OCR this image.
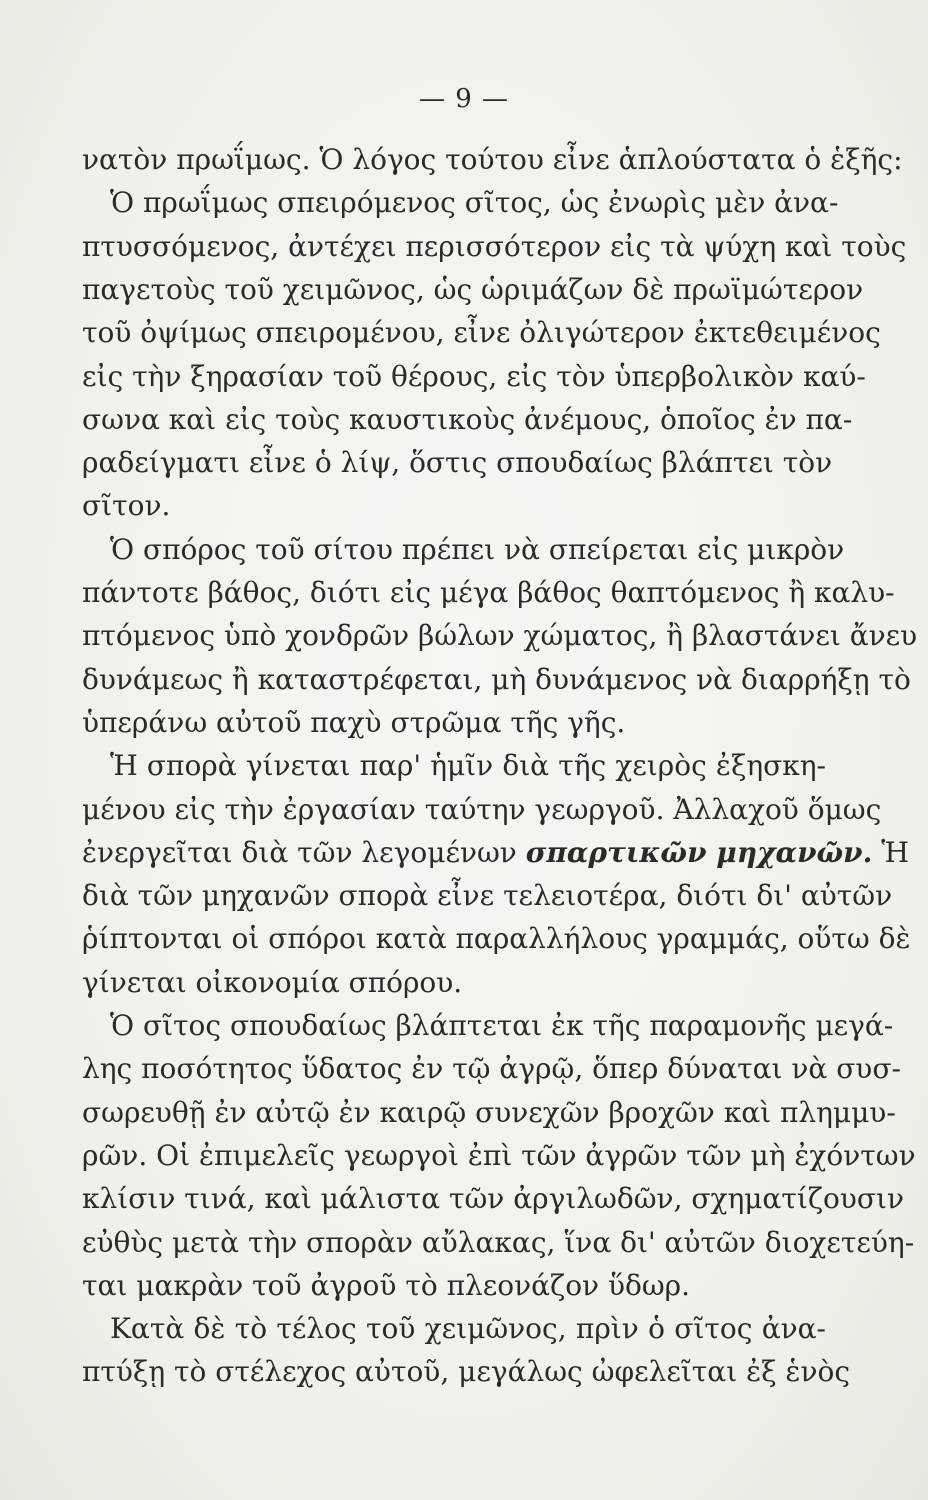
— 9 —
νατὸν πρωΐμως. Ὁ λόγος τούτου εἶνε ἁπλούστατα ὁ ἑξῆς:
Ὁ πρωΐμως σπειρόμενος σῖτος, ὡς ἐνωρὶς μὲν ἀνα-
πτυσσόμενος, ἀντέχει περισσότερον εἰς τὰ ψύχη καὶ τοὺς
παγετοὺς τοῦ χειμῶνος, ὡς ὡριμάζων δὲ πρωϊμώτερον
τοῦ ὀψίμως σπειρομένου, εἶνε ὀλιγώτερον ἐκτεθειμένος
εἰς τὴν ξηρασίαν τοῦ θέρους, εἰς τὸν ὑπερβολικὸν καύ-
σωνα καὶ εἰς τοὺς καυστικοὺς ἀνέμους, ὁποῖος ἐν πα-
ραδείγματι εἶνε ὁ λίψ, ὅστις σπουδαίως βλάπτει τὸν
σῖτον.
Ὁ σπόρος τοῦ σίτου πρέπει νὰ σπείρεται εἰς μικρὸν
πάντοτε βάθος, διότι εἰς μέγα βάθος θαπτόμενος ἢ καλυ-
πτόμενος ὑπὸ χονδρῶν βώλων χώματος, ἢ βλαστάνει ἄνευ
δυνάμεως ἢ καταστρέφεται, μὴ δυνάμενος νὰ διαρρήξῃ τὸ
ὑπεράνω αὐτοῦ παχὺ στρῶμα τῆς γῆς.
Ἡ σπορὰ γίνεται παρ' ἡμῖν διὰ τῆς χειρὸς ἐξησκη-
μένου εἰς τὴν ἐργασίαν ταύτην γεωργοῦ. Ἀλλαχοῦ ὅμως
ἐνεργεῖται διὰ τῶν λεγομένων σπαρτικῶν μηχανῶν. Ἡ
διὰ τῶν μηχανῶν σπορὰ εἶνε τελειοτέρα, διότι δι' αὐτῶν
ῥίπτονται οἱ σπόροι κατὰ παραλλήλους γραμμάς, οὕτω δὲ
γίνεται οἰκονομία σπόρου.
Ὁ σῖτος σπουδαίως βλάπτεται ἐκ τῆς παραμονῆς μεγά-
λης ποσότητος ὕδατος ἐν τῷ ἀγρῷ, ὅπερ δύναται νὰ συσ-
σωρευθῇ ἐν αὐτῷ ἐν καιρῷ συνεχῶν βροχῶν καὶ πλημμυ-
ρῶν. Οἱ ἐπιμελεῖς γεωργοὶ ἐπὶ τῶν ἀγρῶν τῶν μὴ ἐχόντων
κλίσιν τινά, καὶ μάλιστα τῶν ἀργιλωδῶν, σχηματίζουσιν
εὐθὺς μετὰ τὴν σπορὰν αὔλακας, ἵνα δι' αὐτῶν διοχετεύη-
ται μακρὰν τοῦ ἀγροῦ τὸ πλεονάζον ὕδωρ.
Κατὰ δὲ τὸ τέλος τοῦ χειμῶνος, πρὶν ὁ σῖτος ἀνα-
πτύξῃ τὸ στέλεχος αὐτοῦ, μεγάλως ὠφελεῖται ἐξ ἑνὸς
